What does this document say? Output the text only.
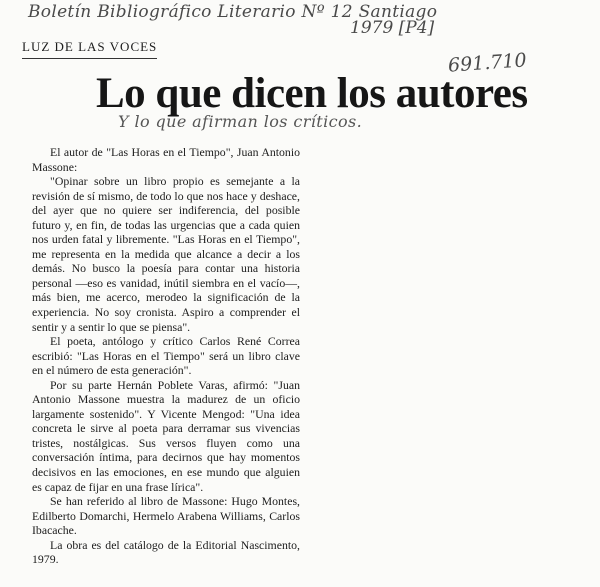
Boletín Bibliográfico Literario Nº 12 Santiago
1979 [P4]
691.710
LUZ DE LAS VOCES
Lo que dicen los autores
Y lo que afirman los críticos.

El autor de "Las Horas en el Tiempo", Juan Antonio Massone:

"Opinar sobre un libro propio es semejante a la revisión de sí mismo, de todo lo que nos hace y deshace, del ayer que no quiere ser indiferencia, del posible futuro y, en fin, de todas las urgencias que a cada quien nos urden fatal y libremente. "Las Horas en el Tiempo", me representa en la medida que alcance a decir a los demás. No busco la poesía para contar una historia personal —eso es vanidad, inútil siembra en el vacío—, más bien, me acerco, merodeo la significación de la experiencia. No soy cronista. Aspiro a comprender el sentir y a sentir lo que se piensa".

El poeta, antólogo y crítico Carlos René Correa escribió: "Las Horas en el Tiempo" será un libro clave en el número de esta generación".

Por su parte Hernán Poblete Varas, afirmó: "Juan Antonio Massone muestra la madurez de un oficio largamente sostenido". Y Vicente Mengod: "Una idea concreta le sirve al poeta para derramar sus vivencias tristes, nostálgicas. Sus versos fluyen como una conversación íntima, para decirnos que hay momentos decisivos en las emociones, en ese mundo que alguien es capaz de fijar en una frase lírica".

Se han referido al libro de Massone: Hugo Montes, Edilberto Domarchi, Hermelo Arabena Williams, Carlos Ibacache.

La obra es del catálogo de la Editorial Nascimento, 1979.
